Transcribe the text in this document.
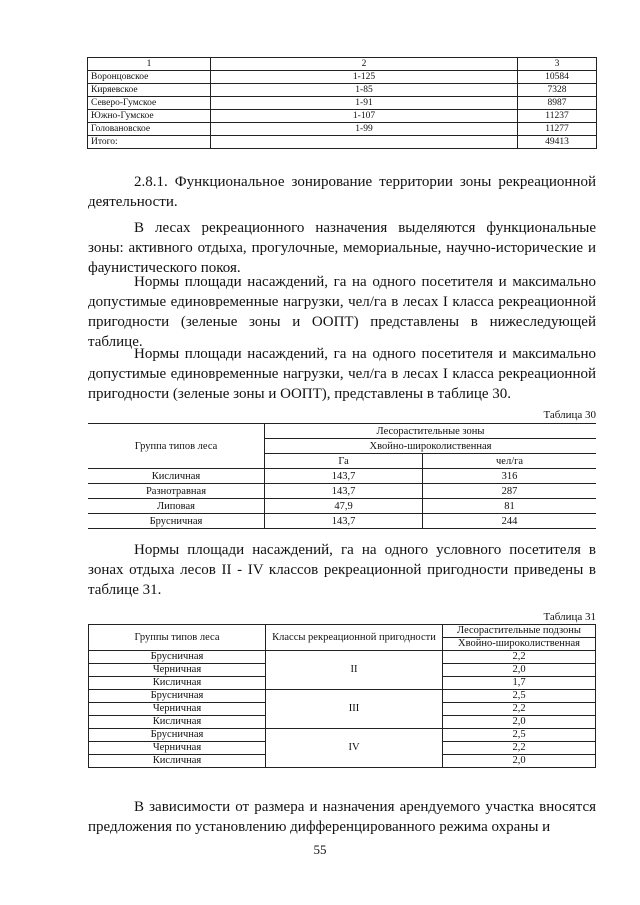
1	2	3
Воронцовское	1-125	10584
Киряевское	1-85	7328
Северо-Гумское	1-91	8987
Южно-Гумское	1-107	11237
Головановское	1-99	11277
Итого:		49413
2.8.1. Функциональное зонирование территории зоны рекреационной деятельности.
В лесах рекреационного назначения выделяются функциональные зоны: активного отдыха, прогулочные, мемориальные, научно-исторические и фаунистического покоя.
Нормы площади насаждений, га на одного посетителя и максимально допустимые единовременные нагрузки, чел/га в лесах I класса рекреационной пригодности (зеленые зоны и ООПТ) представлены в нижеследующей таблице.
Нормы площади насаждений, га на одного посетителя и максимально допустимые единовременные нагрузки, чел/га в лесах I класса рекреационной пригодности (зеленые зоны и ООПТ), представлены в таблице 30.
Таблица 30
Группа типов леса	Лесорастительные зоны	
	Хвойно-широколиственная	
	Га	чел/га
Кисличная	143,7	316
Разнотравная	143,7	287
Липовая	47,9	81
Брусничная	143,7	244
Нормы площади насаждений, га на одного условного посетителя в зонах отдыха лесов II - IV классов рекреационной пригодности приведены в таблице 31.
Таблица 31
Группы типов леса	Классы рекреационной пригодности	Лесорастительные подзоны
		Хвойно-широколиственная
Брусничная	II	2,2
Черничная		2,0
Кисличная		1,7
Брусничная	III	2,5
Черничная		2,2
Кисличная		2,0
Брусничная	IV	2,5
Черничная		2,2
Кисличная		2,0
В зависимости от размера и назначения арендуемого участка вносятся предложения по установлению дифференцированного режима охраны и
55
